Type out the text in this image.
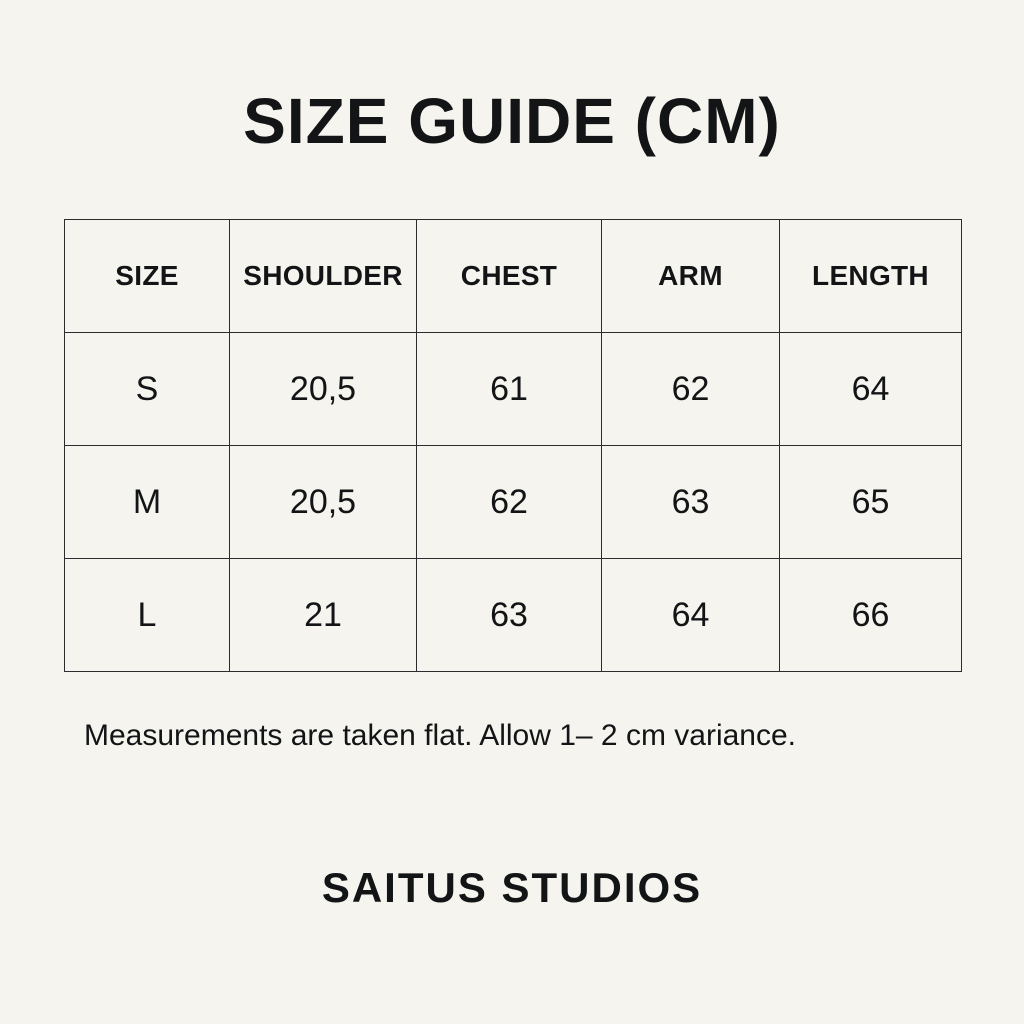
SIZE GUIDE (CM)
SIZE	SHOULDER	CHEST	ARM	LENGTH
S	20,5	61	62	64
M	20,5	62	63	65
L	21	63	64	66

Measurements are taken flat. Allow 1– 2 cm variance.

SAITUS STUDIOS
